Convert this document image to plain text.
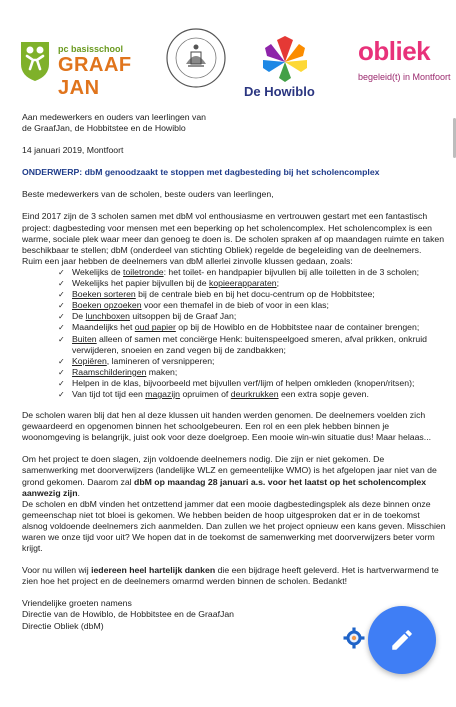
pc basisschool
GRAAF JAN	De Howiblo
obliek
begeleid(t) in Montfoort

Aan medewerkers en ouders van leerlingen van

de GraafJan, de Hobbitstee en de Howiblo

14 januari 2019, Montfoort

ONDERWERP: dbM genoodzaakt te stoppen met dagbesteding bij het scholencomplex

Beste medewerkers van de scholen, beste ouders van leerlingen,

Eind 2017 zijn de 3 scholen samen met dbM vol enthousiasme en vertrouwen gestart met een fantastisch

project: dagbesteding voor mensen met een beperking op het scholencomplex. Het scholencomplex is een

warme, sociale plek waar meer dan genoeg te doen is. De scholen spraken af op maandagen ruimte en taken

beschikbaar te stellen; dbM (onderdeel van stichting Obliek) regelde de begeleiding van de deelnemers.

Ruim een jaar hebben de deelnemers van dbM allerlei zinvolle klussen gedaan, zoals:

✓ Wekelijks de toiletronde: het toilet- en handpapier bijvullen bij alle toiletten in de 3 scholen;
✓ Wekelijks het papier bijvullen bij de kopieerapparaten;
✓ Boeken sorteren bij de centrale bieb en bij het docu-centrum op de Hobbitstee;
✓ Boeken opzoeken voor een themafel in de bieb of voor in een klas;
✓ De lunchboxen uitsoppen bij de Graaf Jan;
✓ Maandelijks het oud papier op bij de Howiblo en de Hobbitstee naar de container brengen;
✓ Buiten alleen of samen met conciërge Henk: buitenspeelgoed smeren, afval prikken, onkruid
verwijderen, snoeien en zand vegen bij de zandbakken;
✓ Kopiëren, lamineren of versnipperen;
✓ Raamschilderingen maken;
✓ Helpen in de klas, bijvoorbeeld met bijvullen verf/lijm of helpen omkleden (knopen/ritsen);
✓ Van tijd tot tijd een magazijn opruimen of deurkrukken een extra sopje geven.

De scholen waren blij dat hen al deze klussen uit handen werden genomen. De deelnemers voelden zich

gewaardeerd en opgenomen binnen het schoolgebeuren. Een rol en een plek hebben binnen je

woonomgeving is belangrijk, juist ook voor deze doelgroep. Een mooie win-win situatie dus! Maar helaas...

Om het project te doen slagen, zijn voldoende deelnemers nodig. Die zijn er niet gekomen. De

samenwerking met doorverwijzers (landelijke WLZ en gemeentelijke WMO) is het afgelopen jaar niet van de

grond gekomen. Daarom zal dbM op maandag 28 januari a.s. voor het laatst op het scholencomplex

aanwezig zijn.

De scholen en dbM vinden het ontzettend jammer dat een mooie dagbestedingsplek als deze binnen onze

gemeenschap niet tot bloei is gekomen. We hebben beiden de hoop uitgesproken dat er in de toekomst

alsnog voldoende deelnemers zich aanmelden. Dan zullen we het project opnieuw een kans geven. Misschien

waren we onze tijd voor uit? We hopen dat in de toekomst de samenwerking met doorverwijzers beter vorm

krijgt.

Voor nu willen wij iedereen heel hartelijk danken die een bijdrage heeft geleverd. Het is hartverwarmend te

zien hoe het project en de deelnemers omarmd werden binnen de scholen. Bedankt!

Vriendelijke groeten namens

Directie van de Howiblo, de Hobbitstee en de GraafJan

Directie Obliek (dbM)
